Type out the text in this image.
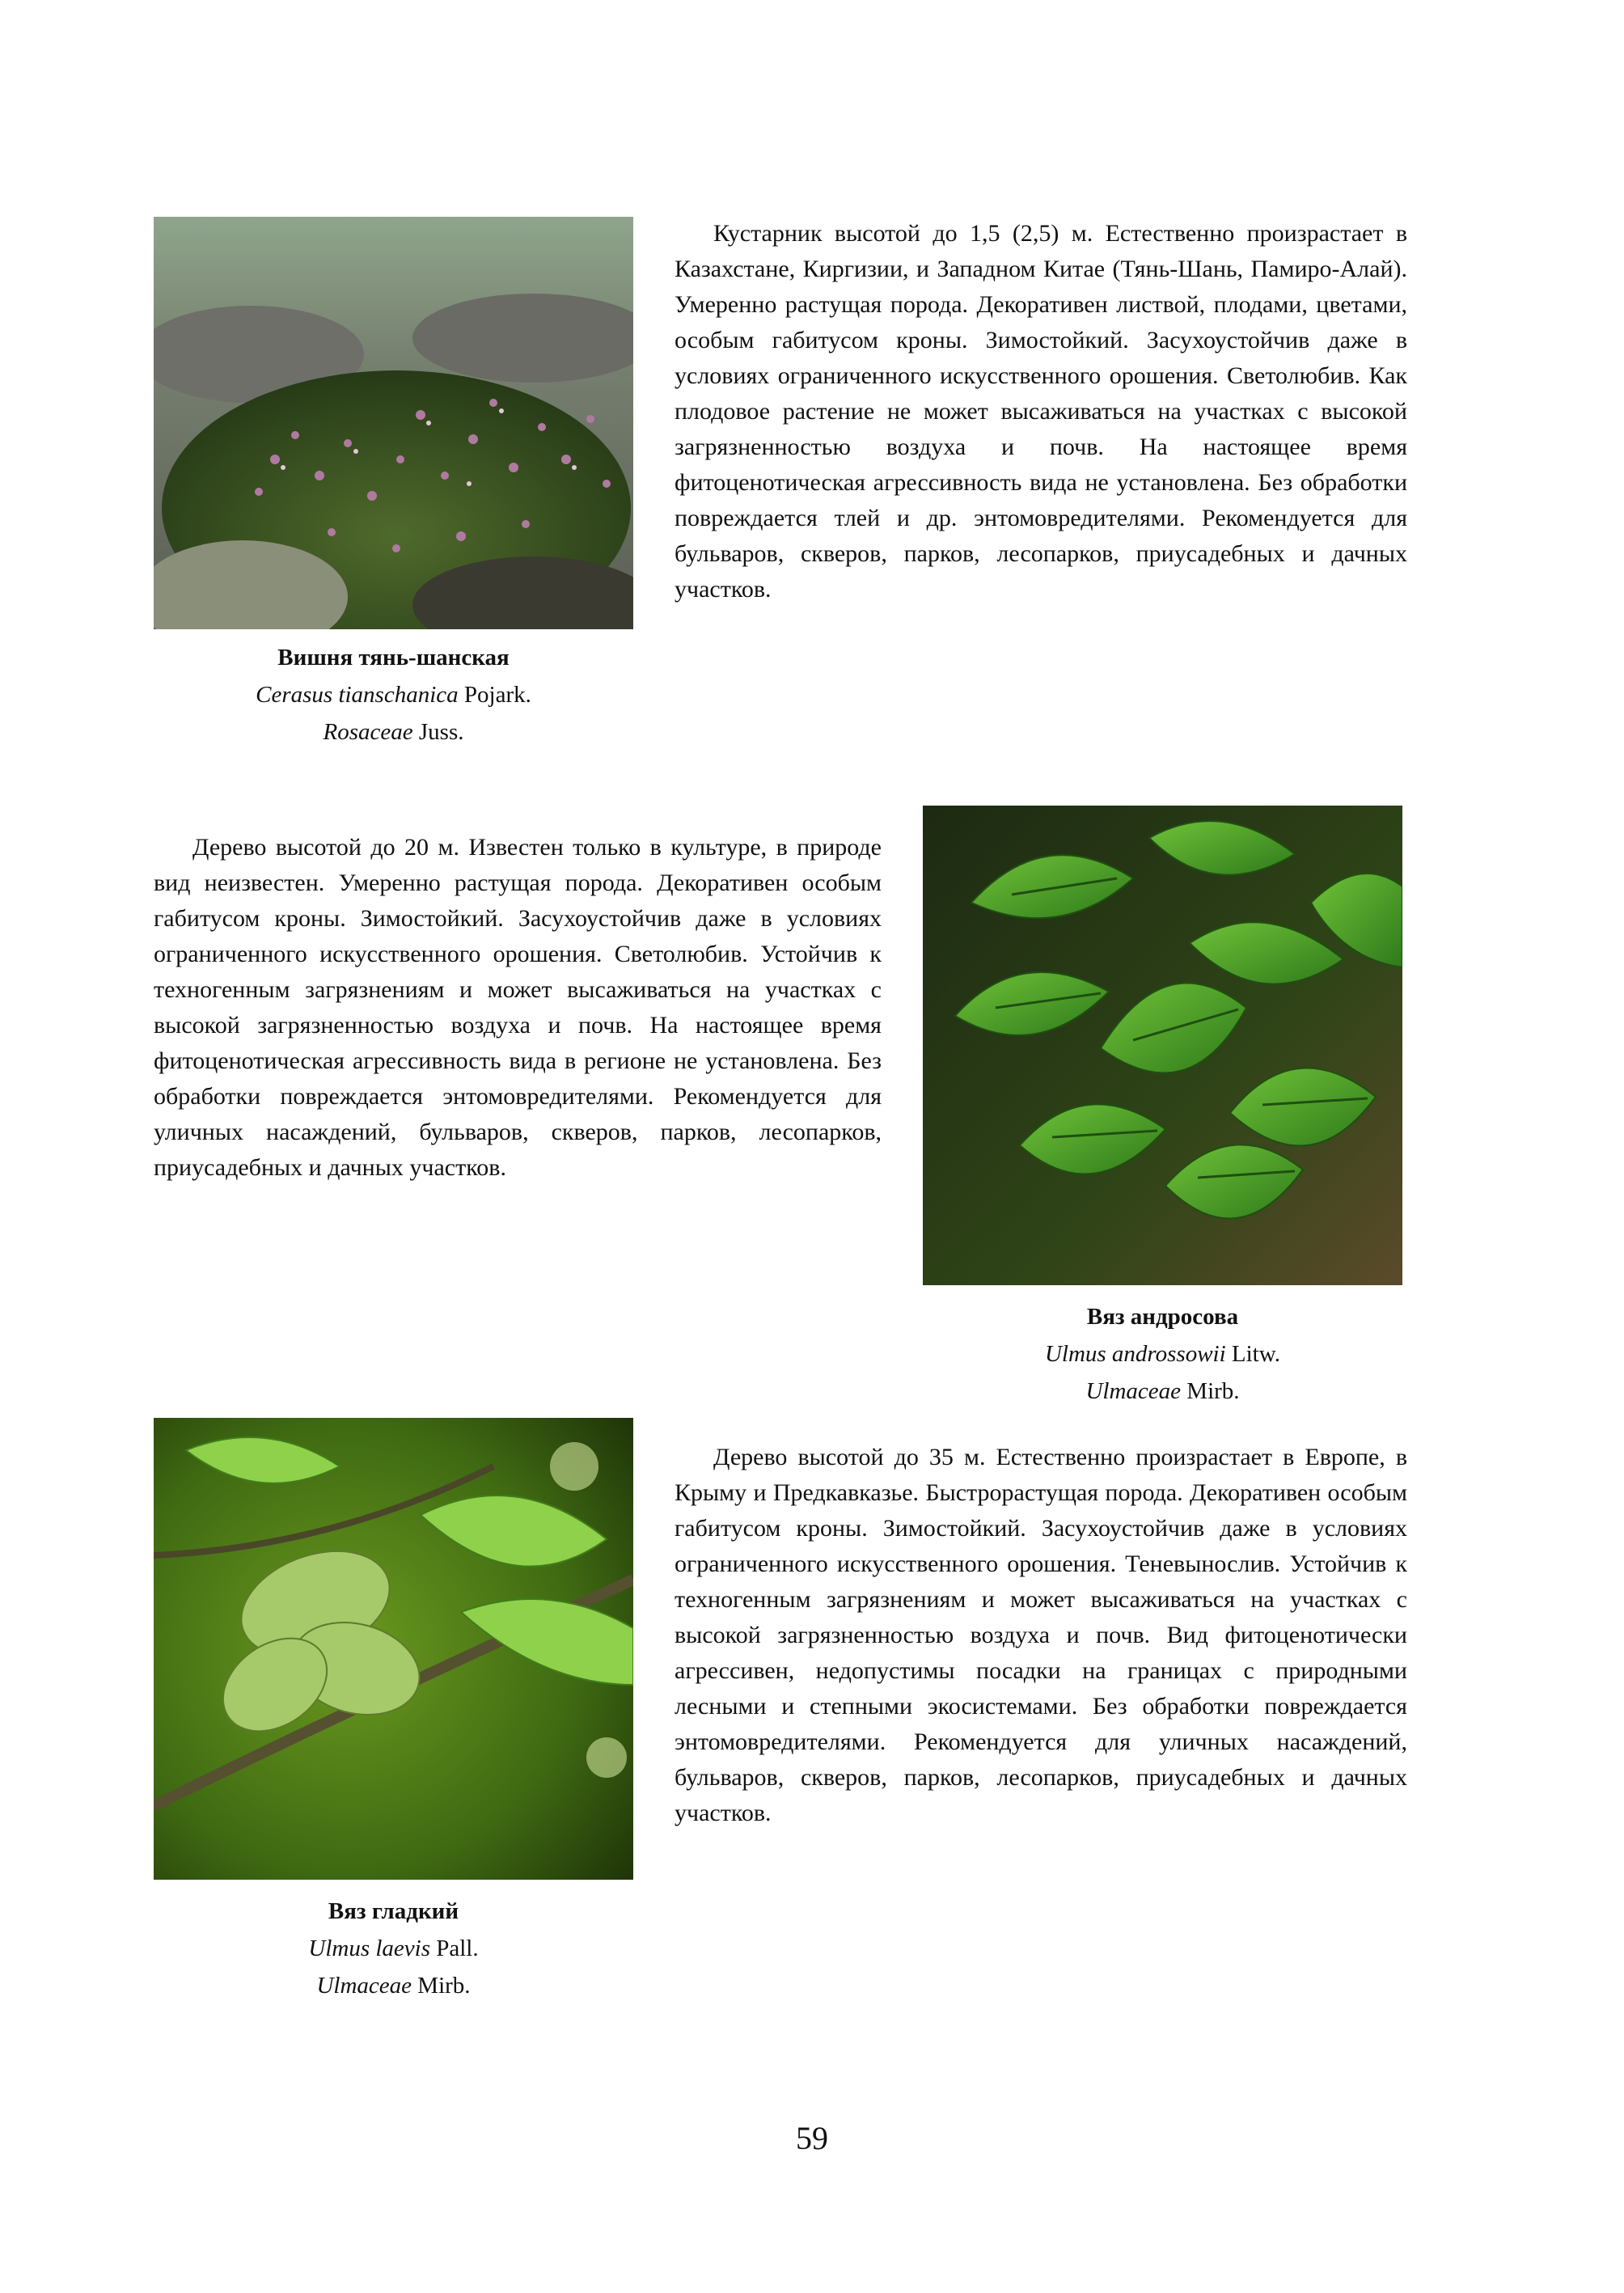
Вишня тянь-шанская
Cerasus tianschanica Pojark.
Rosaceae Juss.

Кустарник высотой до 1,5 (2,5) м. Естественно произрастает в Казахстане, Киргизии, и Западном Китае (Тянь-Шань, Памиро-Алай). Умеренно растущая порода. Декоративен листвой, плодами, цветами, особым габитусом кроны. Зимостойкий. Засухоустойчив даже в условиях ограниченного искусственного орошения. Светолюбив. Как плодовое растение не может высаживаться на участках с высокой загрязненностью воздуха и почв. На настоящее время фитоценотическая агрессивность вида не установлена. Без обработки повреждается тлей и др. энтомовредителями. Рекомендуется для бульваров, скверов, парков, лесопарков, приусадебных и дачных участков.

Дерево высотой до 20 м. Известен только в культуре, в природе вид неизвестен. Умеренно растущая порода. Декоративен особым габитусом кроны. Зимостойкий. Засухоустойчив даже в условиях ограниченного искусственного орошения. Светолюбив. Устойчив к техногенным загрязнениям и может высаживаться на участках с высокой загрязненностью воздуха и почв. На настоящее время фитоценотическая агрессивность вида в регионе не установлена. Без обработки повреждается энтомовредителями. Рекомендуется для уличных насаждений, бульваров, скверов, парков, лесопарков, приусадебных и дачных участков.

Вяз андросова
Ulmus androssowii Litw.
Ulmaceae Mirb.
Вяз гладкий
Ulmus laevis Pall.
Ulmaceae Mirb.

Дерево высотой до 35 м. Естественно произрастает в Европе, в Крыму и Предкавказье. Быстрорастущая порода. Декоративен особым габитусом кроны. Зимостойкий. Засухоустойчив даже в условиях ограниченного искусственного орошения. Теневынослив. Устойчив к техногенным загрязнениям и может высаживаться на участках с высокой загрязненностью воздуха и почв. Вид фитоценотически агрессивен, недопустимы посадки на границах с природными лесными и степными экосистемами. Без обработки повреждается энтомовредителями. Рекомендуется для уличных насаждений, бульваров, скверов, парков, лесопарков, приусадебных и дачных участков.

59
